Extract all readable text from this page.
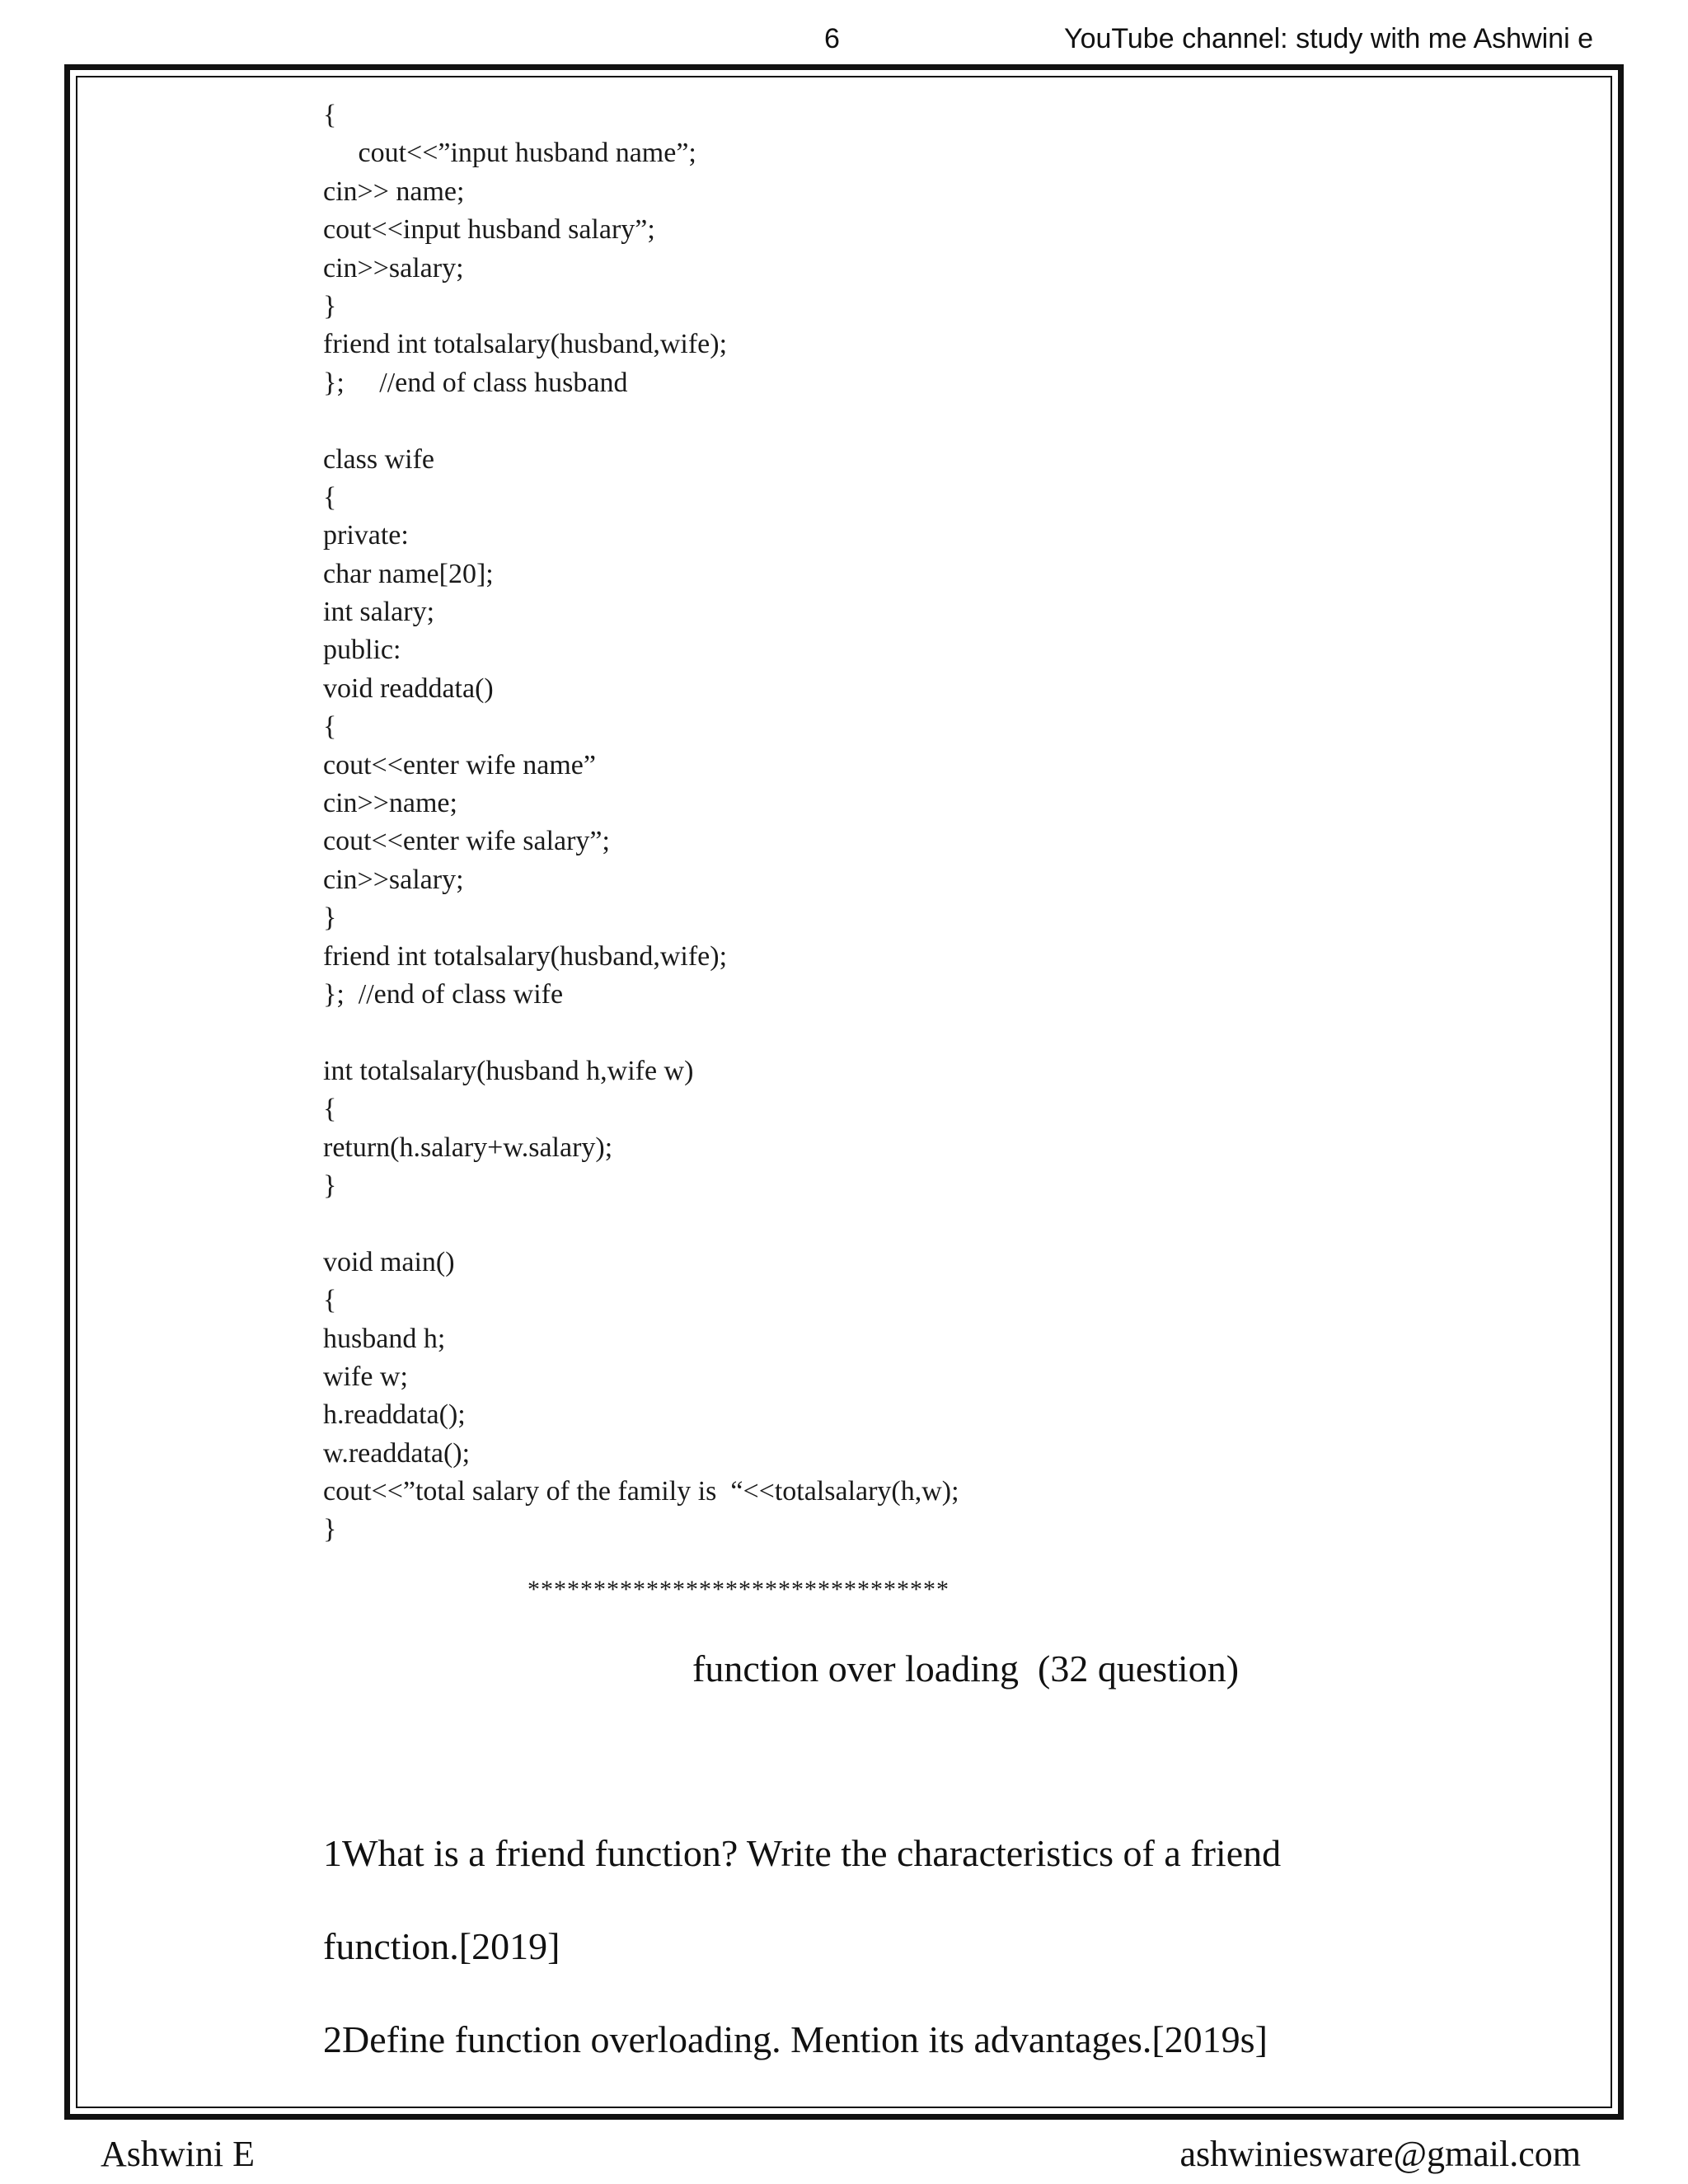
6	YouTube channel: study with me Ashwini e
{
cout<<”input husband name”;
cin>> name;
cout<<input husband salary”;
cin>>salary;
}
friend int totalsalary(husband,wife);
};     //end of class husband
class wife
{
private:
char name[20];
int salary;
public:
void readdata()
{
cout<<enter wife name”
cin>>name;
cout<<enter wife salary”;
cin>>salary;
}
friend int totalsalary(husband,wife);
};  //end of class wife
int totalsalary(husband h,wife w)
{
return(h.salary+w.salary);
}
void main()
{
husband h;
wife w;
h.readdata();
w.readdata();
cout<<”total salary of the family is  “<<totalsalary(h,w);
}
********************************
function over loading  (32 question)
1What is a friend function? Write the characteristics of a friend
function.[2019]
2Define function overloading. Mention its advantages.[2019s]
Ashwini E	ashwiniesware@gmail.com
